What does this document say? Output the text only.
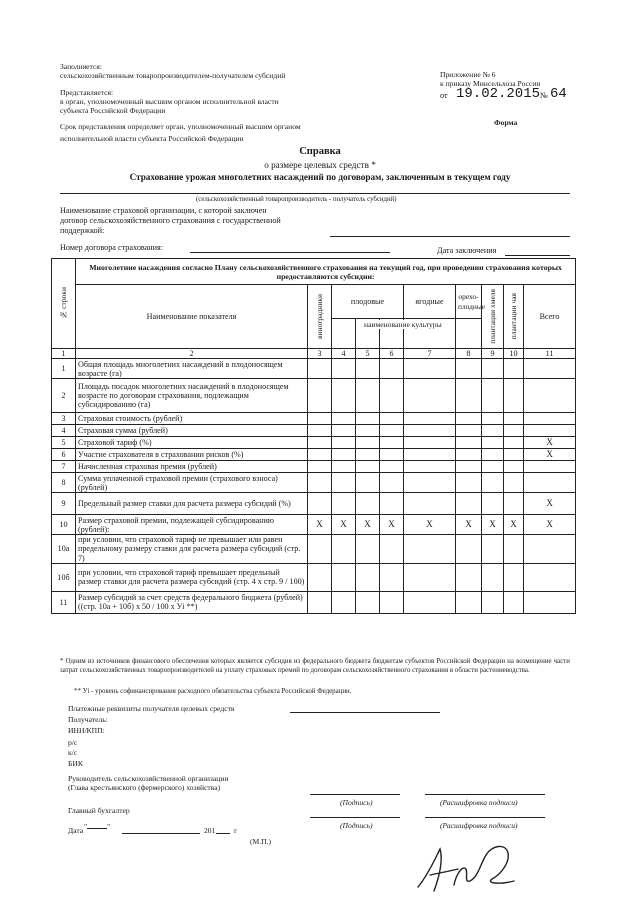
Заполняется:
сельскохозяйственным товаропроизводителем-получателем субсидий
Представляется:
в орган, уполномоченный высшим органом исполнительной власти
субъекта Российской Федерации
Срок представления определяет орган, уполномоченный высшим органом
исполнительной власти субъекта Российской Федерации
Приложение № 6
к приказу Минсельхоза России
от 19.02.2015 № 64
Форма
Справка
о размере целевых средств *
Страхование урожая многолетних насаждений по договорам, заключенным в текущем году
(сельскохозяйственный товаропроизводитель - получатель субсидий)
Наименование страховой организации, с которой заключен
договор сельскохозяйственного страхования с государственной
поддержкой:
Номер договора страхования:	Дата заключения
№ строки	Многолетние насаждения согласно Плану сельскохозяйственного страхования на текущий год, при проведении страхования которых предоставляются субсидии:									
	Наименование показателя	виноградники	плодовые			ягодные	орехо-плодные	плантации хмеля	плантации чая	Всего

1	2	3	4	5	6	7	8	9	10	11
1	Общая площадь многолетних насаждений в плодоносящем возрасте (га)									
2	Площадь посадок многолетних насаждений в плодоносящем возрасте по договорам страхования, подлежащим субсидированию (га)									
3	Страховая стоимость (рублей)									
4	Страховая сумма (рублей)									
5	Страховой тариф (%)									X
6	Участие страхователя в страховании рисков (%)									X
7	Начисленная страховая премия (рублей)									
8	Сумма уплаченной страховой премии (страхового взноса) (рублей)									
9	Предельный размер ставки для расчета размера субсидий (%)									X
10	Размер страховой премии, подлежащей субсидированию (рублей):	X	X	X	X	X	X	X	X	X
10а	при условии, что страховой тариф не превышает или равен предельному размеру ставки для расчета размера субсидий (стр. 7)									
10б	при условии, что страховой тариф превышает предельный размер ставки для расчета размера субсидий (стр. 4 х стр. 9 / 100)									
11	Размер субсидий за счет средств федерального бюджета (рублей) ((стр. 10а + 10б) х 50 / 100 х Уi **)									
наименование культуры
* Одним из источников финансового обеспечения которых является субсидия из федерального бюджета бюджетам субъектов Российской Федерации на возмещение части затрат сельскохозяйственных товаропроизводителей на уплату страховых премий по договорам сельскохозяйственного страхования в области растениеводства.
** Уi - уровень софинансирования расходного обязательства субъекта Российской Федерации.
Платежные реквизиты получателя целевых средств
Получатель:
ИНН/КПП:
р/с
к/с
БИК
Руководитель сельскохозяйственной организации
(Глава крестьянского (фермерского) хозяйства)
(Подпись)	(Расшифровка подписи)
Главный бухгалтер
(Подпись)	(Расшифровка подписи)
Дата "	"	201 г
(М.П.)
